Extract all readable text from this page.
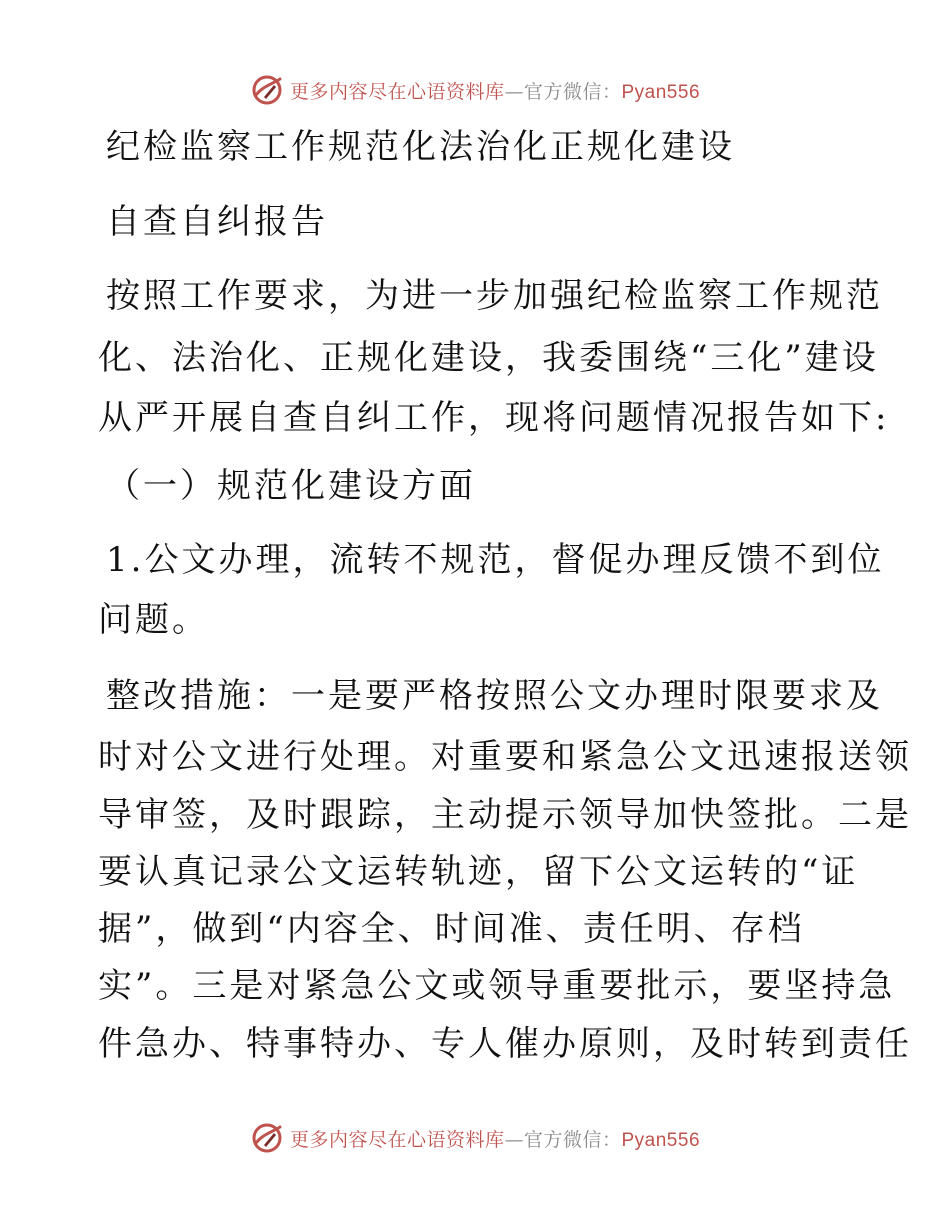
更多内容尽在心语资料库—官方微信：Pyan556
纪检监察工作规范化法治化正规化建设
自查自纠报告
按照工作要求，为进一步加强纪检监察工作规范
化、法治化、正规化建设，我委围绕“三化”建设
从严开展自查自纠工作，现将问题情况报告如下:
（一）规范化建设方面
1.公文办理，流转不规范，督促办理反馈不到位
问题。
整改措施：一是要严格按照公文办理时限要求及
时对公文进行处理。对重要和紧急公文迅速报送领
导审签，及时跟踪，主动提示领导加快签批。二是
要认真记录公文运转轨迹，留下公文运转的“证
据”，做到“内容全、时间准、责任明、存档
实”。三是对紧急公文或领导重要批示，要坚持急
件急办、特事特办、专人催办原则，及时转到责任
更多内容尽在心语资料库—官方微信：Pyan556
